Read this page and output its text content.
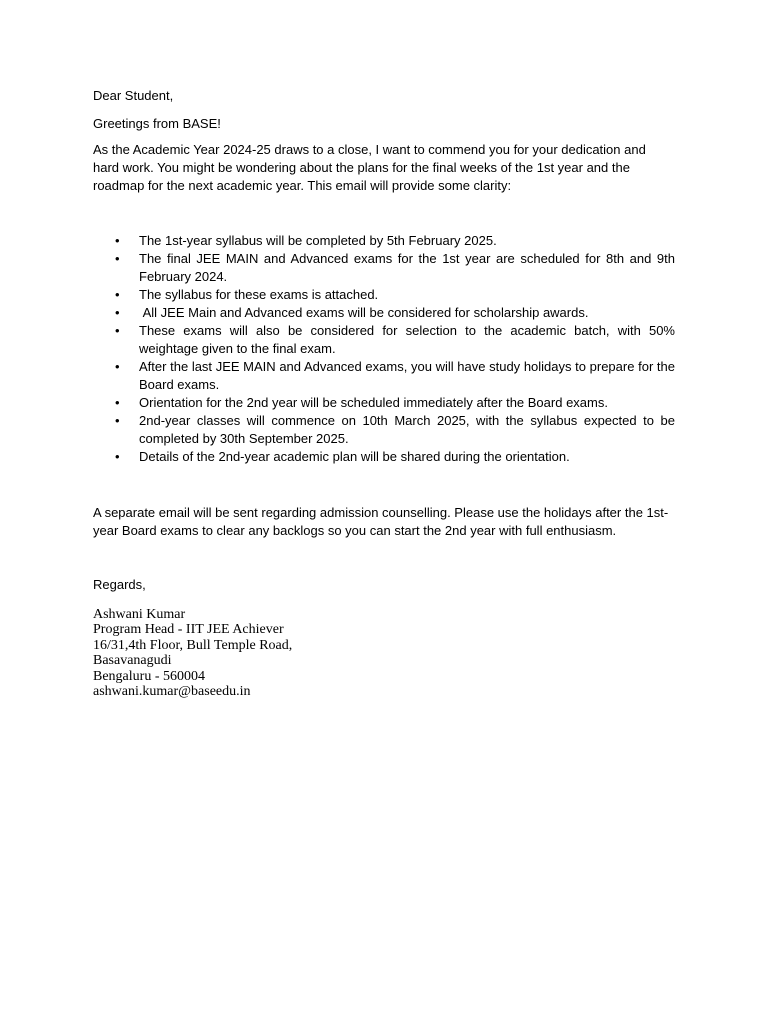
Dear Student,
Greetings from BASE!
As the Academic Year 2024-25 draws to a close, I want to commend you for your dedication and hard work. You might be wondering about the plans for the final weeks of the 1st year and the roadmap for the next academic year. This email will provide some clarity:
•	The 1st-year syllabus will be completed by 5th February 2025.
•	The final JEE MAIN and Advanced exams for the 1st year are scheduled for 8th and 9th February 2024.
•	The syllabus for these exams is attached.
•	All JEE Main and Advanced exams will be considered for scholarship awards.
•	These exams will also be considered for selection to the academic batch, with 50% weightage given to the final exam.
•	After the last JEE MAIN and Advanced exams, you will have study holidays to prepare for the Board exams.
•	Orientation for the 2nd year will be scheduled immediately after the Board exams.
•	2nd-year classes will commence on 10th March 2025, with the syllabus expected to be completed by 30th September 2025.
•	Details of the 2nd-year academic plan will be shared during the orientation.
A separate email will be sent regarding admission counselling. Please use the holidays after the 1st-year Board exams to clear any backlogs so you can start the 2nd year with full enthusiasm.
Regards,
Ashwani Kumar
Program Head - IIT JEE Achiever
16/31,4th Floor, Bull Temple Road,
Basavanagudi
Bengaluru - 560004
ashwani.kumar@baseedu.in
